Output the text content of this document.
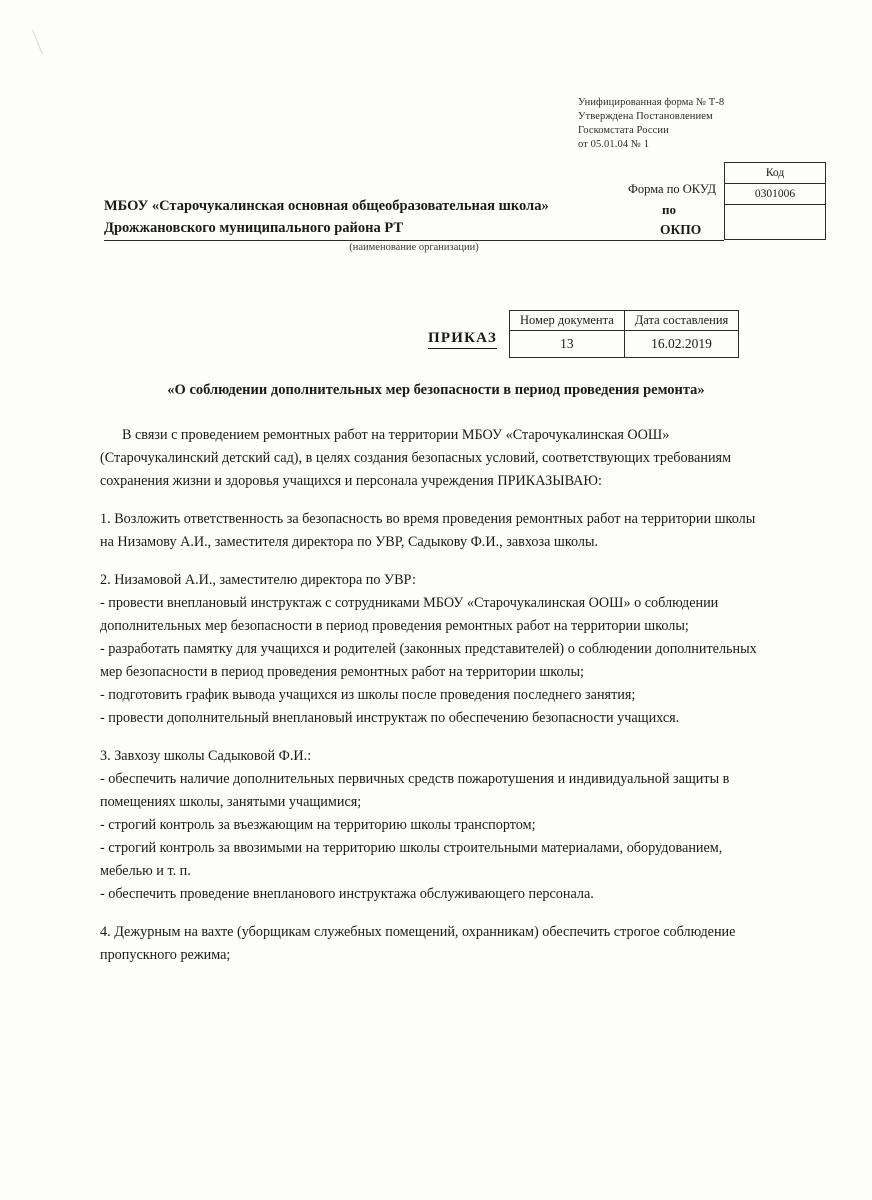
Унифицированная форма № Т-8
Утверждена Постановлением
Госкомстата России
от 05.01.04 № 1
Форма по ОКУД
Код
0301006
по
ОКПО
МБОУ «Старочукалинская основная общеобразовательная школа»
Дрожжановского муниципального района РТ
(наименование организации)
ПРИКАЗ
Номер документа	Дата составления
13	16.02.2019
«О соблюдении дополнительных мер безопасности в период проведения ремонта»

В связи с проведением ремонтных работ на территории МБОУ «Старочукалинская ООШ» (Старочукалинский детский сад), в целях создания безопасных условий, соответствующих требованиям сохранения жизни и здоровья учащихся и персонала учреждения ПРИКАЗЫВАЮ:

1. Возложить ответственность за безопасность во время проведения ремонтных работ на территории школы на Низамову А.И., заместителя директора по УВР, Садыкову Ф.И., завхоза школы.

2. Низамовой А.И., заместителю директора по УВР:

- провести внеплановый инструктаж с сотрудниками МБОУ «Старочукалинская ООШ» о соблюдении дополнительных мер безопасности в период проведения ремонтных работ на территории школы;

- разработать памятку для учащихся и родителей (законных представителей) о соблюдении дополнительных мер безопасности в период проведения ремонтных работ на территории школы;

- подготовить график вывода учащихся из школы после проведения последнего занятия;

- провести дополнительный внеплановый инструктаж по обеспечению безопасности учащихся.

3. Завхозу школы Садыковой Ф.И.:

- обеспечить наличие дополнительных первичных средств пожаротушения и индивидуальной защиты в помещениях школы, занятыми учащимися;

- строгий контроль за въезжающим на территорию школы транспортом;

- строгий контроль за ввозимыми на территорию школы строительными материалами, оборудованием, мебелью и т. п.

- обеспечить проведение внепланового инструктажа обслуживающего персонала.

4. Дежурным на вахте (уборщикам служебных помещений, охранникам) обеспечить строгое соблюдение пропускного режима;
